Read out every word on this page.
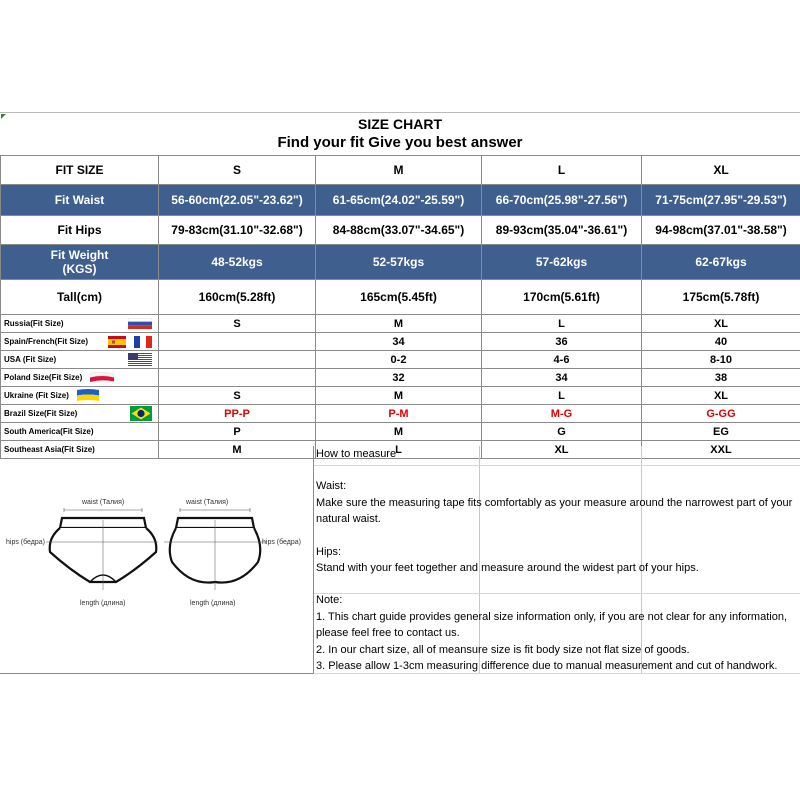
SIZE CHART
Find your fit Give you best answer
FIT SIZE	S	M	L	XL
Fit Waist	56-60cm(22.05"-23.62")	61-65cm(24.02"-25.59")	66-70cm(25.98"-27.56")	71-75cm(27.95"-29.53")
Fit Hips	79-83cm(31.10"-32.68")	84-88cm(33.07"-34.65")	89-93cm(35.04"-36.61")	94-98cm(37.01"-38.58")
Fit Weight
(KGS)	48-52kgs	52-57kgs	57-62kgs	62-67kgs
Tall(cm)	160cm(5.28ft)	165cm(5.45ft)	170cm(5.61ft)	175cm(5.78ft)

Russia(Fit Size)	S	M	L	XL

Spain/French(Fit Size)		34	36	40

USA (Fit Size)		0-2	4-6	8-10

Poland Size(Fit Size)		32	34	38

Ukraine (Fit Size)	S	M	L	XL

Brazil Size(Fit Size)	PP-P	P-M	M-G	G-GG
South America(Fit Size)	P	M	G	EG
Southeast Asia(Fit Size)	M	L	XL	XXL
waist (Талия)
hips (бедра)
length (длина)
waist (Талия)
hips (бедра)
length (длина)
How to measure
Waist:
Make sure the measuring tape fits comfortably as your measure around the narrowest part of your
natural waist.
Hips:
Stand with your feet together and measure around the widest part of your hips.
Note:
1. This chart guide provides general size information only, if you are not clear for any information,
please feel free to contact us.
2. In our chart size, all of meansure size is fit body size not flat size of goods.
3. Please allow 1-3cm measuring difference due to manual measurement and cut of handwork.
